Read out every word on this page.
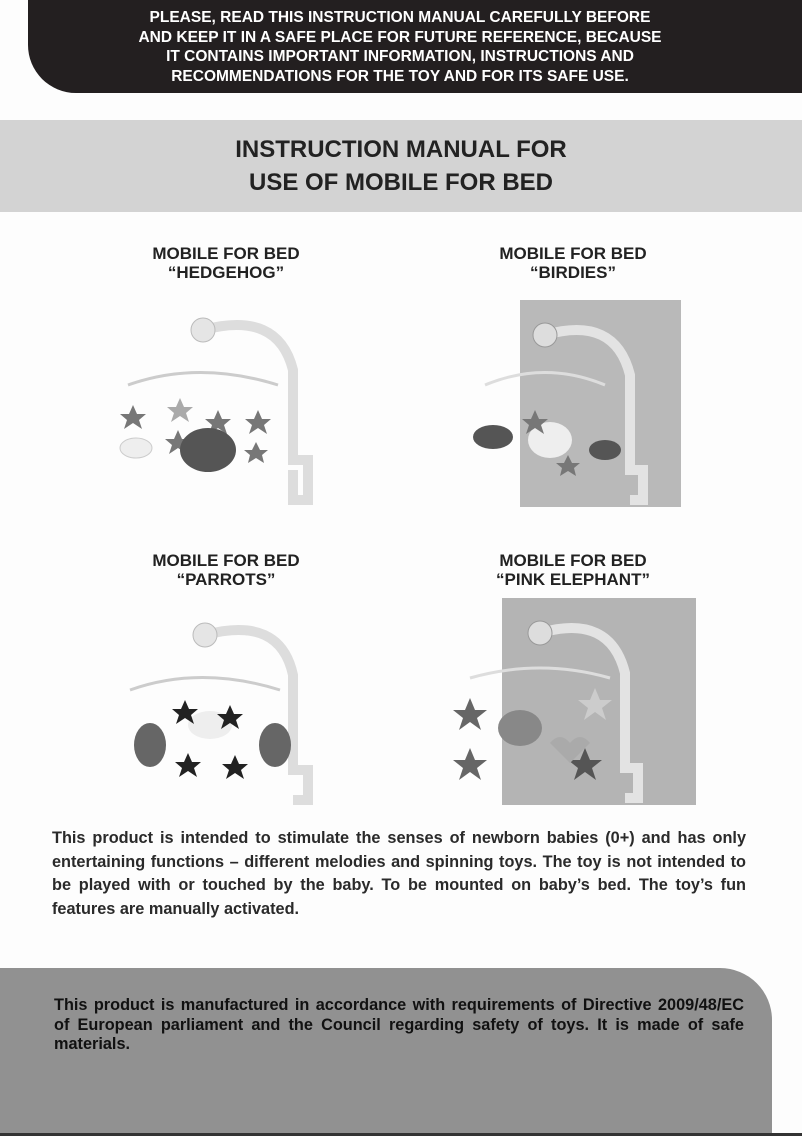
PLEASE, READ THIS INSTRUCTION MANUAL CAREFULLY BEFORE
AND KEEP IT IN A SAFE PLACE FOR FUTURE REFERENCE, BECAUSE
IT CONTAINS IMPORTANT INFORMATION, INSTRUCTIONS AND
RECOMMENDATIONS FOR THE TOY AND FOR ITS SAFE USE.
INSTRUCTION MANUAL FOR
USE OF MOBILE FOR BED
MOBILE FOR BED
“HEDGEHOG”
MOBILE FOR BED
“BIRDIES”
MOBILE FOR BED
“PARROTS”
MOBILE FOR BED
“PINK ELEPHANT”

This product is intended to stimulate the senses of newborn babies (0+) and has only entertaining functions – different melodies and spinning toys. The toy is not intended to be played with or touched by the baby. To be mounted on baby’s bed. The toy’s fun features are manually activated.

This product is manufactured in accordance with requirements of Directive 2009/48/EC of European parliament and the Council regarding safety of toys. It is made of safe materials.
